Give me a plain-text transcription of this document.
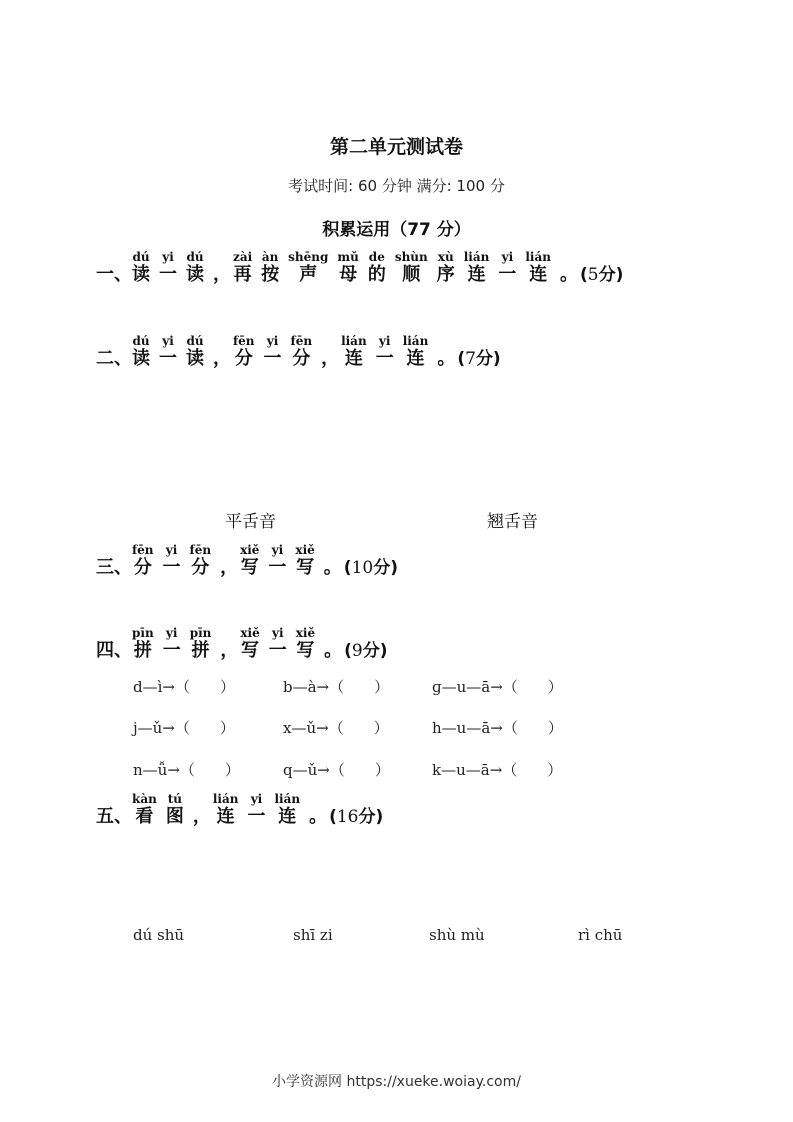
第二单元测试卷
考试时间: 60 分钟 满分: 100 分
积累运用（77 分）
一、
dú
读
yi
一
dú
读 ，
zài
再
àn
按
shēng
声
mǔ
母
de
的
shùn
顺
xù
序
lián
连
yi
一
lián
连 。 (5分)
二、
dú
读
yi
一
dú
读 ，
fēn
分
yi
一
fēn
分 ，
lián
连
yi
一
lián
连 。 (7分)
平舌音	翘舌音
三、
fēn
分
yi
一
fēn
分 ，
xiě
写
yi
一
xiě
写 。 (10分)
四、
pīn
拼
yi
一
pīn
拼 ，
xiě
写
yi
一
xiě
写 。 (9分)
d—ì→（　　）	b—à→（　　）	ɡ—u—ā→（　　）
j—ǔ→（　　）	x—ǔ→（　　）	h—u—ā→（　　）
n—ǚ→（　　）	q—ǔ→（　　）	k—u—ā→（　　）
五、
kàn
看
tú
图 ，
lián
连
yi
一
lián
连 。 (16分)
dú shū	shī zi	shù mù	rì chū
小学资源网 https://xueke.woiay.com/
